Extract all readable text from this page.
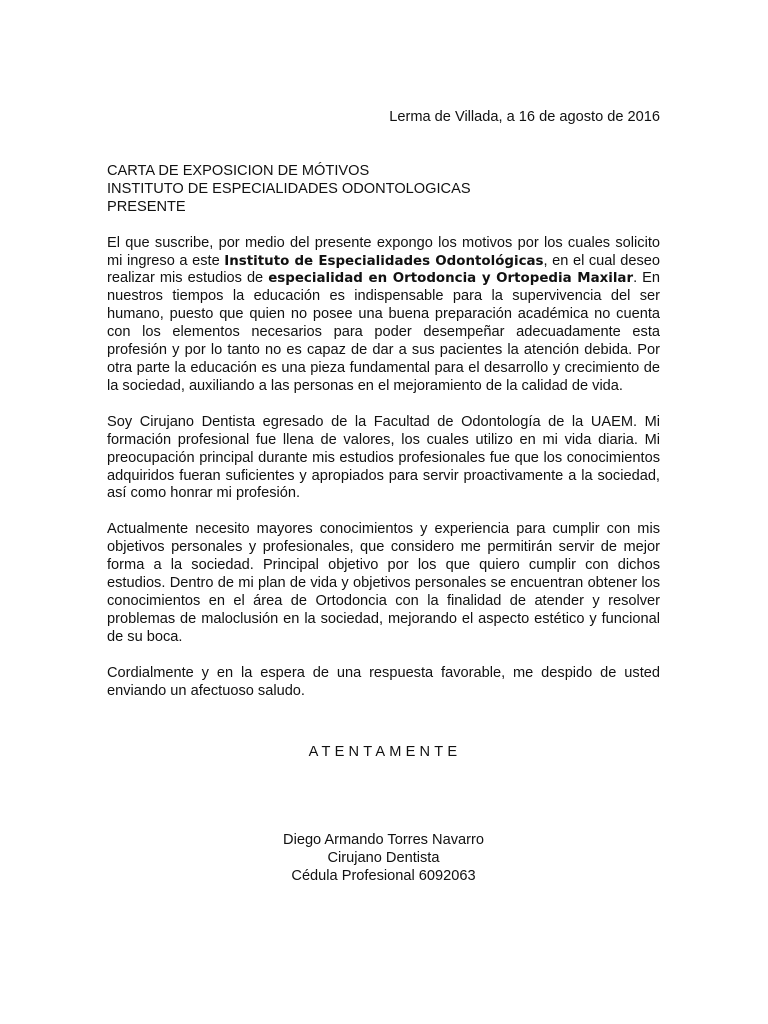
Lerma de Villada, a 16 de agosto de 2016

CARTA DE EXPOSICION DE MÓTIVOS
INSTITUTO DE ESPECIALIDADES ODONTOLOGICAS
PRESENTE

El que suscribe, por medio del presente expongo los motivos por los cuales solicito mi ingreso a este Instituto de Especialidades Odontológicas, en el cual deseo realizar mis estudios de especialidad en Ortodoncia y Ortopedia Maxilar. En nuestros tiempos la educación es indispensable para la supervivencia del ser humano, puesto que quien no posee una buena preparación académica no cuenta con los elementos necesarios para poder desempeñar adecuadamente esta profesión y por lo tanto no es capaz de dar a sus pacientes la atención debida. Por otra parte la educación es una pieza fundamental para el desarrollo y crecimiento de la sociedad, auxiliando a las personas en el mejoramiento de la calidad de vida.

Soy Cirujano Dentista egresado de la Facultad de Odontología de la UAEM. Mi formación profesional fue llena de valores, los cuales utilizo en mi vida diaria. Mi preocupación principal durante mis estudios profesionales fue que los conocimientos adquiridos fueran suficientes y apropiados para servir proactivamente a la sociedad, así como honrar mi profesión.

Actualmente necesito mayores conocimientos y experiencia para cumplir con mis objetivos personales y profesionales, que considero me permitirán servir de mejor forma a la sociedad. Principal objetivo por los que quiero cumplir con dichos estudios. Dentro de mi plan de vida y objetivos personales se encuentran obtener los conocimientos en el área de Ortodoncia con la finalidad de atender y resolver problemas de maloclusión en la sociedad, mejorando el aspecto estético y funcional de su boca.

Cordialmente y en la espera de una respuesta favorable, me despido de usted enviando un afectuoso saludo.

ATENTAMENTE
Diego Armando Torres Navarro
Cirujano Dentista
Cédula Profesional 6092063
